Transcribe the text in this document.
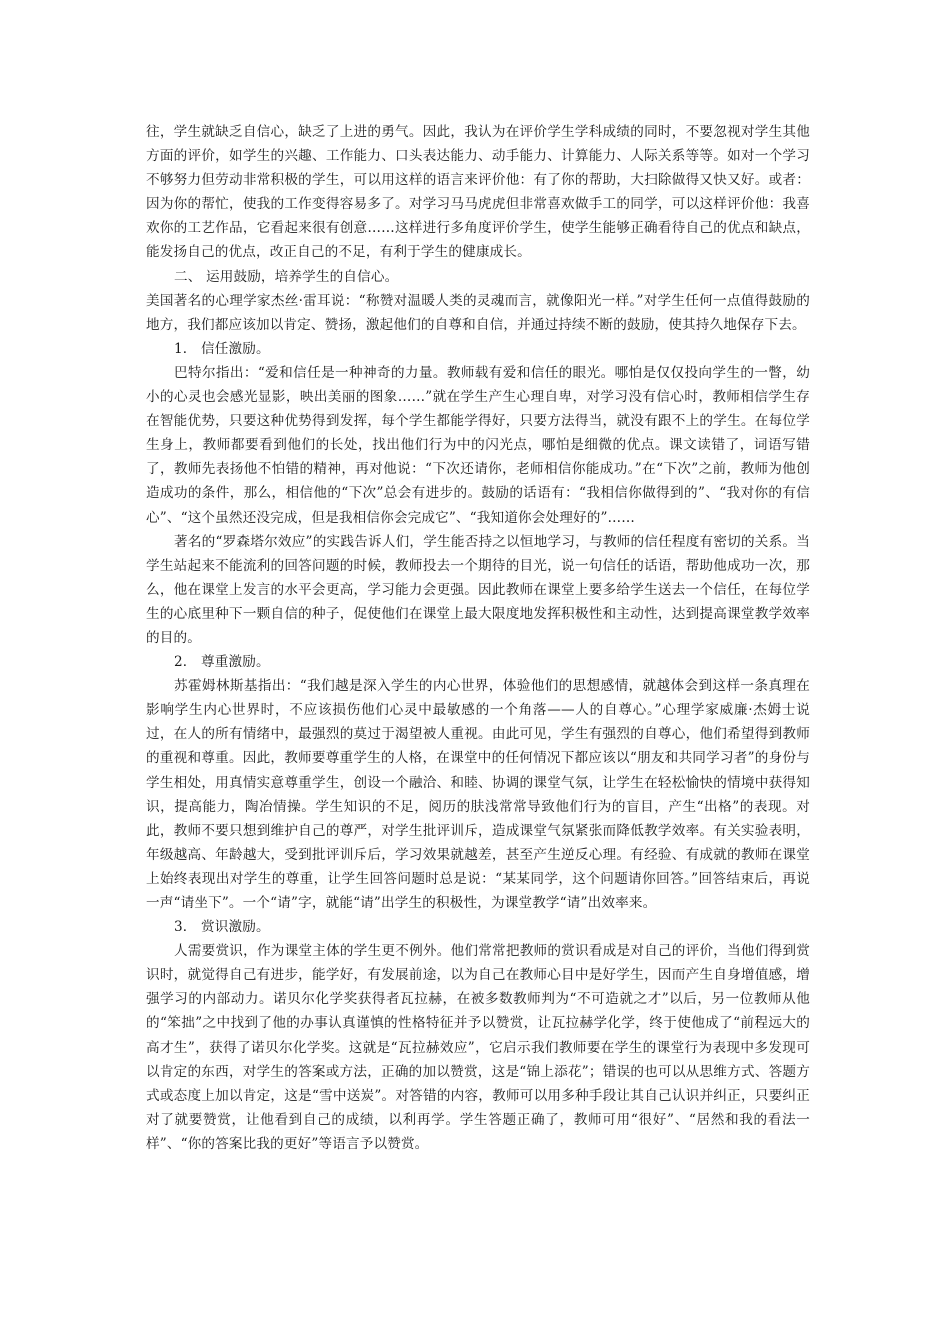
往，学生就缺乏自信心，缺乏了上进的勇气。因此，我认为在评价学生学科成绩的同时，不要忽视对学生其他方面的评价，如学生的兴趣、工作能力、口头表达能力、动手能力、计算能力、人际关系等等。如对一个学习不够努力但劳动非常积极的学生，可以用这样的语言来评价他：有了你的帮助，大扫除做得又快又好。或者：因为你的帮忙，使我的工作变得容易多了。对学习马马虎虎但非常喜欢做手工的同学，可以这样评价他：我喜欢你的工艺作品，它看起来很有创意……这样进行多角度评价学生，使学生能够正确看待自己的优点和缺点，能发扬自己的优点，改正自己的不足，有利于学生的健康成长。

二、 运用鼓励，培养学生的自信心。

美国著名的心理学家杰丝·雷耳说：“称赞对温暖人类的灵魂而言，就像阳光一样。”对学生任何一点值得鼓励的地方，我们都应该加以肯定、赞扬，激起他们的自尊和自信，并通过持续不断的鼓励，使其持久地保存下去。

1． 信任激励。

巴特尔指出：“爱和信任是一种神奇的力量。教师载有爱和信任的眼光。哪怕是仅仅投向学生的一瞥，幼小的心灵也会感光显影，映出美丽的图象……”就在学生产生心理自卑，对学习没有信心时，教师相信学生存在智能优势，只要这种优势得到发挥，每个学生都能学得好，只要方法得当，就没有跟不上的学生。在每位学生身上，教师都要看到他们的长处，找出他们行为中的闪光点，哪怕是细微的优点。课文读错了，词语写错了，教师先表扬他不怕错的精神，再对他说：“下次还请你，老师相信你能成功。”在“下次”之前，教师为他创造成功的条件，那么，相信他的“下次”总会有进步的。鼓励的话语有：“我相信你做得到的”、“我对你的有信心”、“这个虽然还没完成，但是我相信你会完成它”、“我知道你会处理好的”……

著名的“罗森塔尔效应”的实践告诉人们，学生能否持之以恒地学习，与教师的信任程度有密切的关系。当学生站起来不能流利的回答问题的时候，教师投去一个期待的目光，说一句信任的话语，帮助他成功一次，那么，他在课堂上发言的水平会更高，学习能力会更强。因此教师在课堂上要多给学生送去一个信任，在每位学生的心底里种下一颗自信的种子，促使他们在课堂上最大限度地发挥积极性和主动性，达到提高课堂教学效率的目的。

2． 尊重激励。

苏霍姆林斯基指出：“我们越是深入学生的内心世界，体验他们的思想感情，就越体会到这样一条真理在影响学生内心世界时，不应该损伤他们心灵中最敏感的一个角落——人的自尊心。”心理学家威廉·杰姆士说过，在人的所有情绪中，最强烈的莫过于渴望被人重视。由此可见，学生有强烈的自尊心，他们希望得到教师的重视和尊重。因此，教师要尊重学生的人格，在课堂中的任何情况下都应该以“朋友和共同学习者”的身份与学生相处，用真情实意尊重学生，创设一个融洽、和睦、协调的课堂气氛，让学生在轻松愉快的情境中获得知识，提高能力，陶冶情操。学生知识的不足，阅历的肤浅常常导致他们行为的盲目，产生“出格”的表现。对此，教师不要只想到维护自己的尊严，对学生批评训斥，造成课堂气氛紧张而降低教学效率。有关实验表明，年级越高、年龄越大，受到批评训斥后，学习效果就越差，甚至产生逆反心理。有经验、有成就的教师在课堂上始终表现出对学生的尊重，让学生回答问题时总是说：“某某同学，这个问题请你回答。”回答结束后，再说一声“请坐下”。一个“请”字，就能“请”出学生的积极性，为课堂教学“请”出效率来。

3． 赏识激励。

人需要赏识，作为课堂主体的学生更不例外。他们常常把教师的赏识看成是对自己的评价，当他们得到赏识时，就觉得自己有进步，能学好，有发展前途，以为自己在教师心目中是好学生，因而产生自身增值感，增强学习的内部动力。诺贝尔化学奖获得者瓦拉赫，在被多数教师判为“不可造就之才”以后，另一位教师从他的“笨拙”之中找到了他的办事认真谨慎的性格特征并予以赞赏，让瓦拉赫学化学，终于使他成了“前程远大的高才生”，获得了诺贝尔化学奖。这就是“瓦拉赫效应”，它启示我们教师要在学生的课堂行为表现中多发现可以肯定的东西，对学生的答案或方法，正确的加以赞赏，这是“锦上添花”；错误的也可以从思维方式、答题方式或态度上加以肯定，这是“雪中送炭”。对答错的内容，教师可以用多种手段让其自己认识并纠正，只要纠正对了就要赞赏，让他看到自己的成绩，以利再学。学生答题正确了，教师可用“很好”、“居然和我的看法一样”、“你的答案比我的更好”等语言予以赞赏。
